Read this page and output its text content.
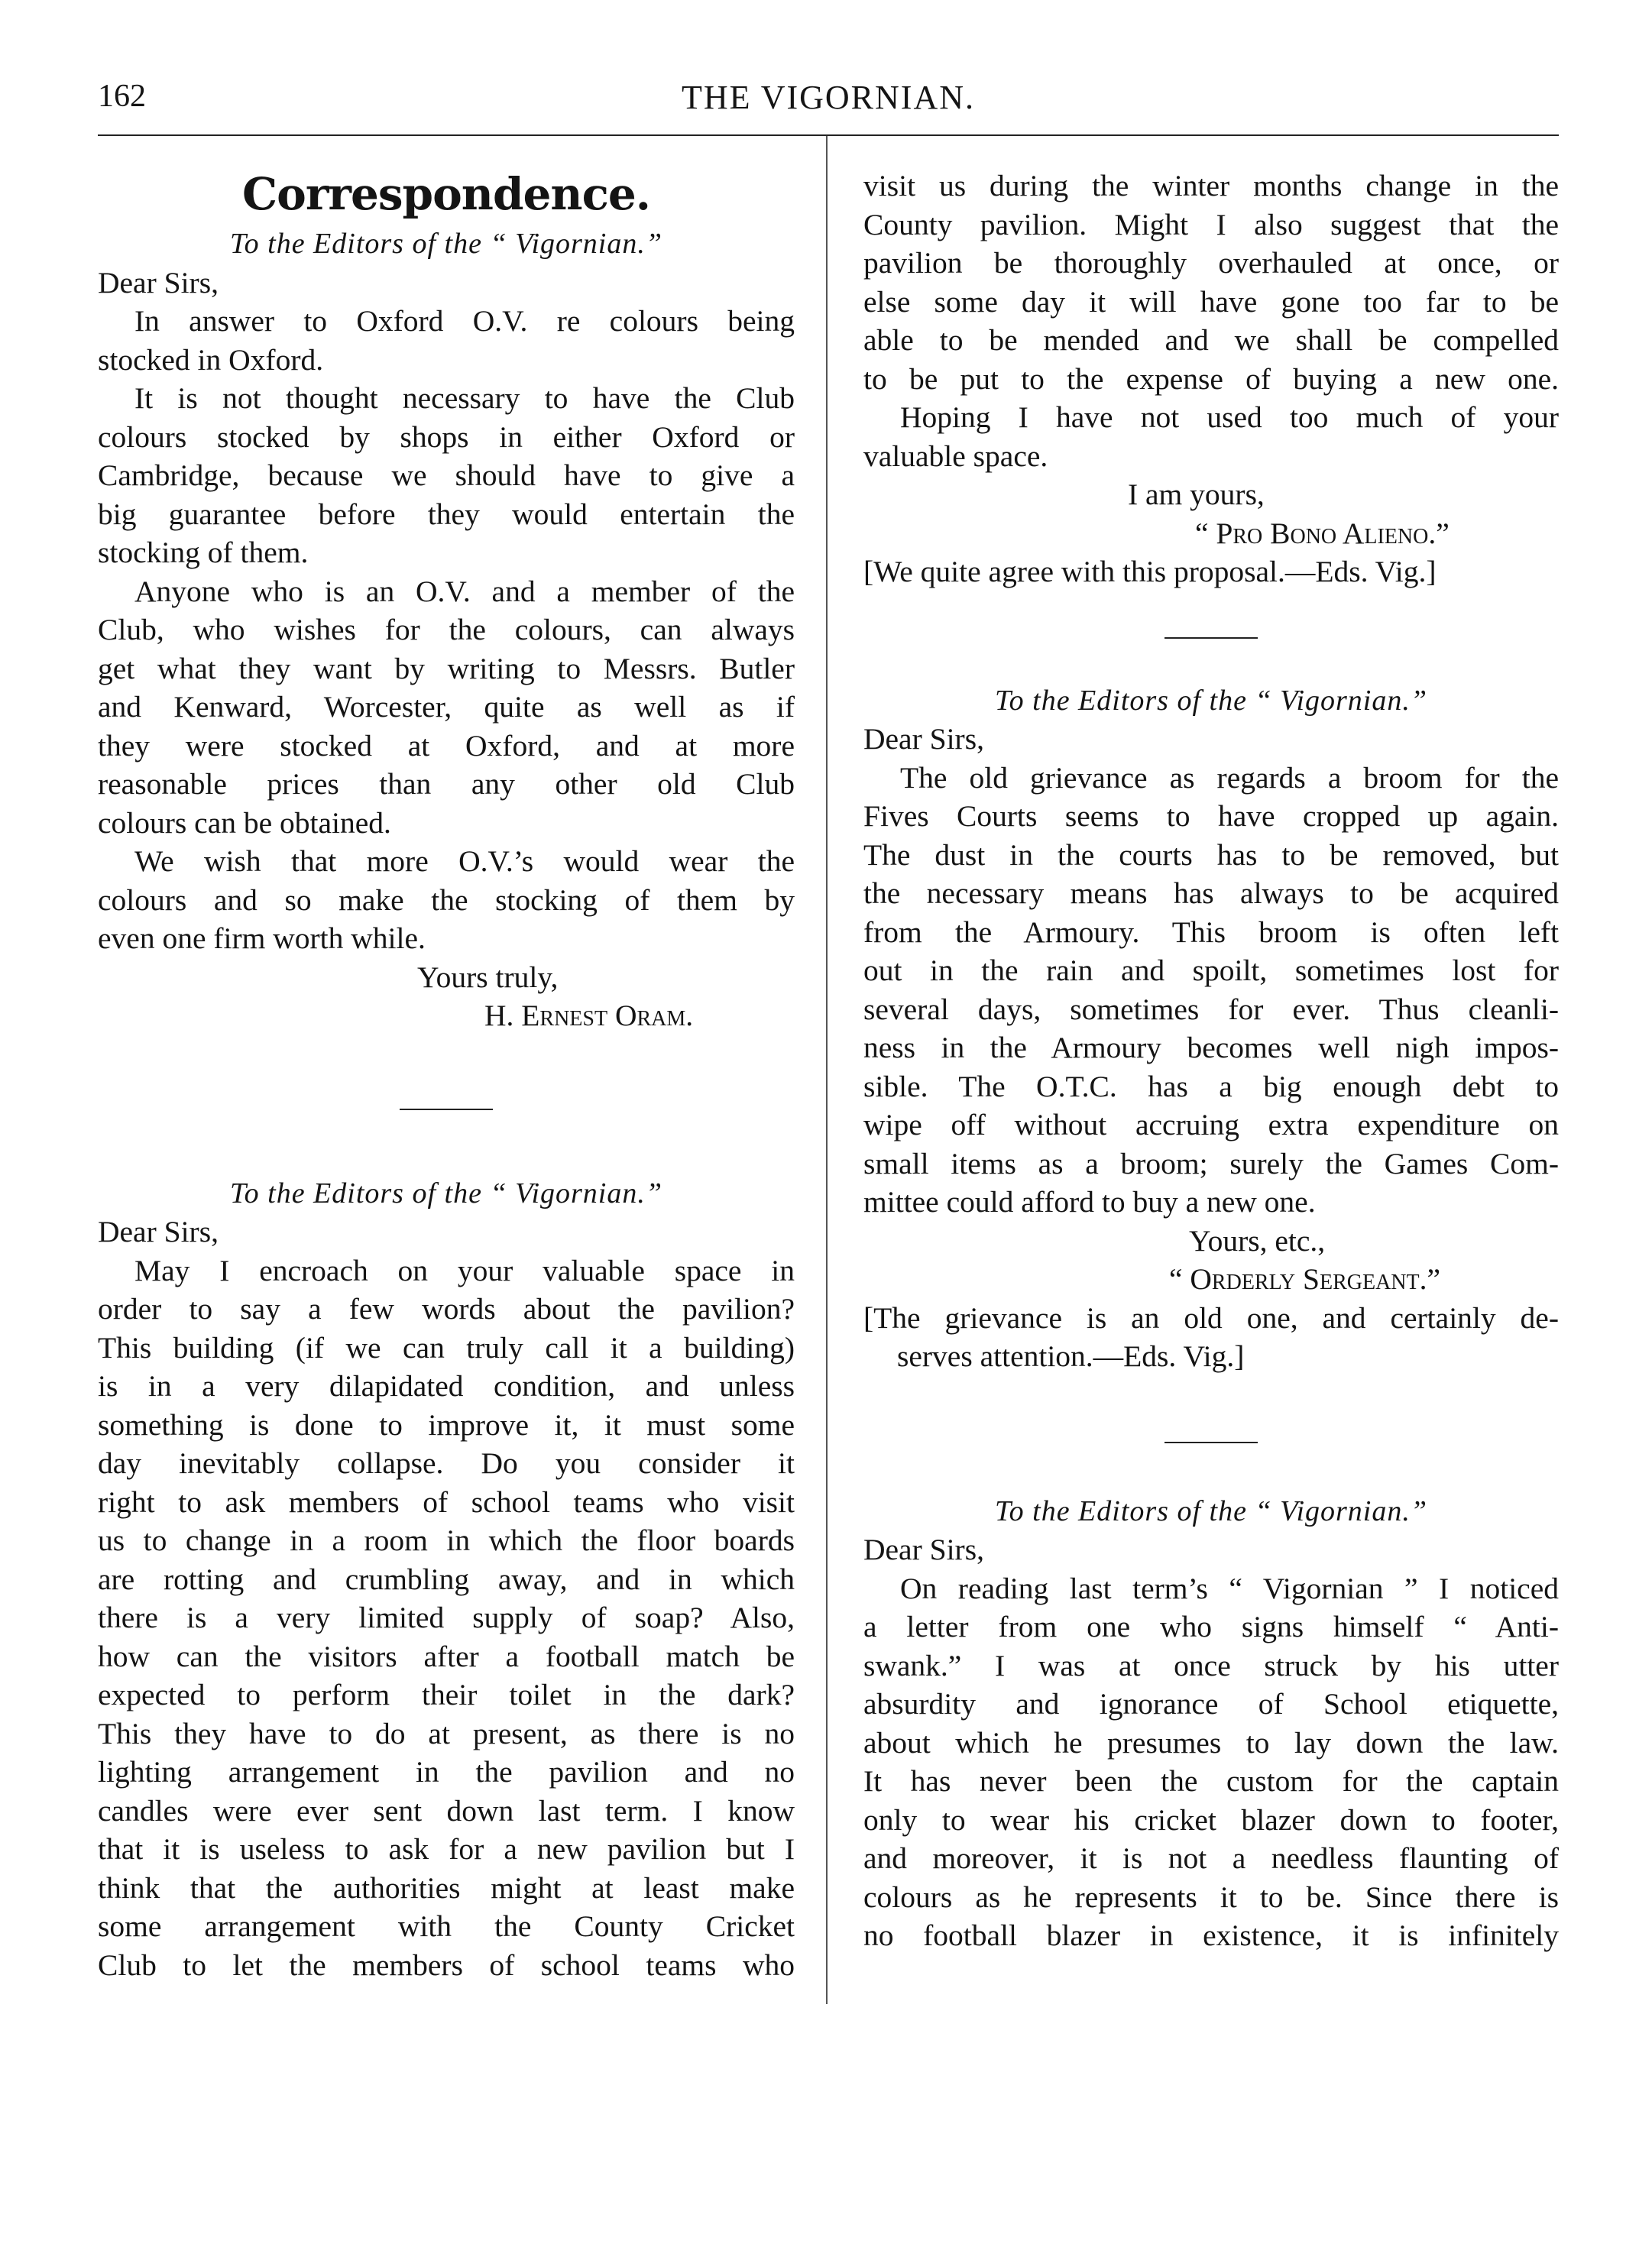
162	THE VIGORNIAN.
Correspondence.
To the Editors of the “ Vigornian.”
Dear Sirs,
In answer to Oxford O.V. re colours being
stocked in Oxford.
It is not thought necessary to have the Club
colours stocked by shops in either Oxford or
Cambridge, because we should have to give a
big guarantee before they would entertain the
stocking of them.
Anyone who is an O.V. and a member of the
Club, who wishes for the colours, can always
get what they want by writing to Messrs. Butler
and Kenward, Worcester, quite as well as if
they were stocked at Oxford, and at more
reasonable prices than any other old Club
colours can be obtained.
We wish that more O.V.’s would wear the
colours and so make the stocking of them by
even one firm worth while.
Yours truly,
H. Ernest Oram.
To the Editors of the “ Vigornian.”
Dear Sirs,
May I encroach on your valuable space in
order to say a few words about the pavilion?
This building (if we can truly call it a building)
is in a very dilapidated condition, and unless
something is done to improve it, it must some
day inevitably collapse. Do you consider it
right to ask members of school teams who visit
us to change in a room in which the floor boards
are rotting and crumbling away, and in which
there is a very limited supply of soap? Also,
how can the visitors after a football match be
expected to perform their toilet in the dark?
This they have to do at present, as there is no
lighting arrangement in the pavilion and no
candles were ever sent down last term. I know
that it is useless to ask for a new pavilion but I
think that the authorities might at least make
some arrangement with the County Cricket
Club to let the members of school teams who
visit us during the winter months change in the
County pavilion. Might I also suggest that the
pavilion be thoroughly overhauled at once, or
else some day it will have gone too far to be
able to be mended and we shall be compelled
to be put to the expense of buying a new one.
Hoping I have not used too much of your
valuable space.
I am yours,
“ Pro Bono Alieno.”
[We quite agree with this proposal.—Eds. Vig.]
To the Editors of the “ Vigornian.”
Dear Sirs,
The old grievance as regards a broom for the
Fives Courts seems to have cropped up again.
The dust in the courts has to be removed, but
the necessary means has always to be acquired
from the Armoury. This broom is often left
out in the rain and spoilt, sometimes lost for
several days, sometimes for ever. Thus cleanli-
ness in the Armoury becomes well nigh impos-
sible. The O.T.C. has a big enough debt to
wipe off without accruing extra expenditure on
small items as a broom; surely the Games Com-
mittee could afford to buy a new one.
Yours, etc.,
“ Orderly Sergeant.”
[The grievance is an old one, and certainly de-
serves attention.—Eds. Vig.]
To the Editors of the “ Vigornian.”
Dear Sirs,
On reading last term’s “ Vigornian ” I noticed
a letter from one who signs himself “ Anti-
swank.” I was at once struck by his utter
absurdity and ignorance of School etiquette,
about which he presumes to lay down the law.
It has never been the custom for the captain
only to wear his cricket blazer down to footer,
and moreover, it is not a needless flaunting of
colours as he represents it to be. Since there is
no football blazer in existence, it is infinitely
